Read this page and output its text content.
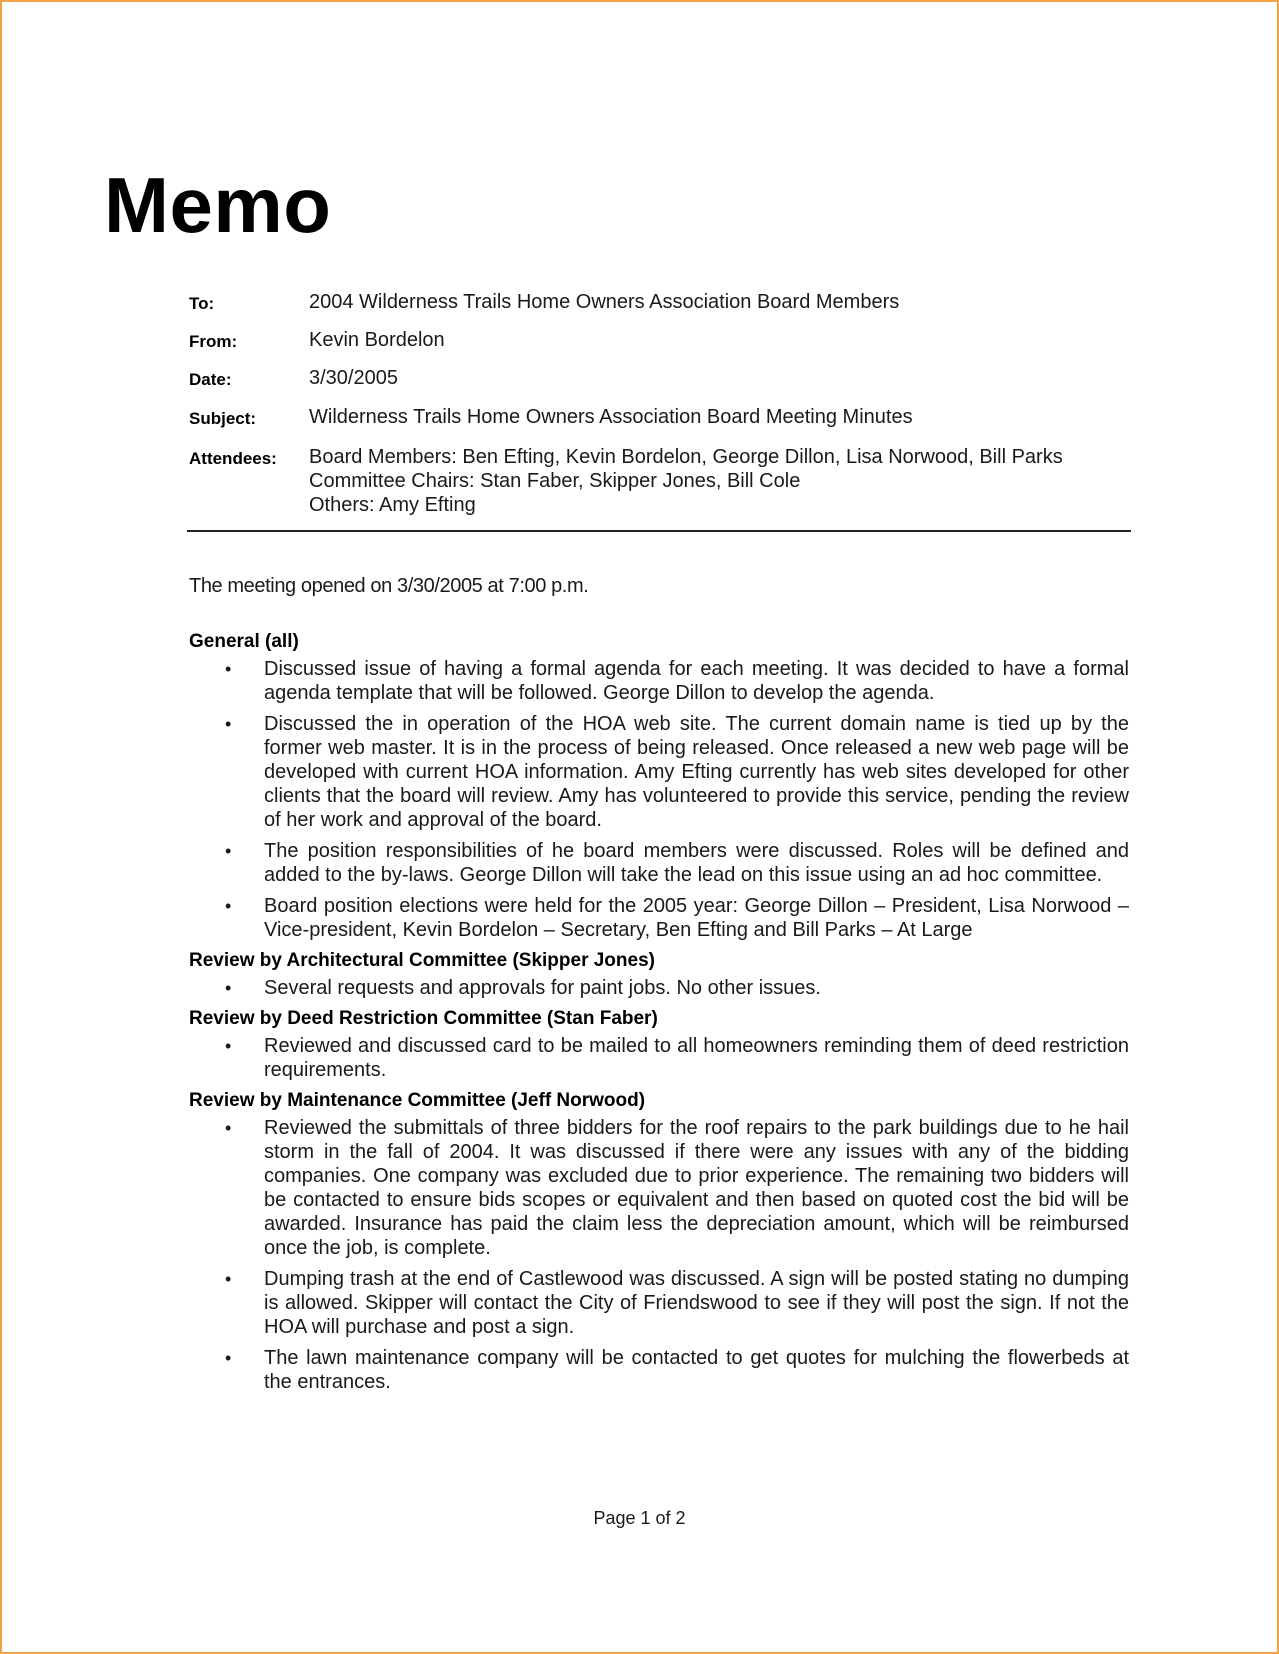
Memo
To:	2004 Wilderness Trails Home Owners Association Board Members
From:	Kevin Bordelon
Date:	3/30/2005
Subject:	Wilderness Trails Home Owners Association Board Meeting Minutes
Attendees: Board Members: Ben Efting, Kevin Bordelon, George Dillon, Lisa Norwood, Bill Parks
Committee Chairs: Stan Faber, Skipper Jones, Bill Cole
Others: Amy Efting
The meeting opened on 3/30/2005 at 7:00 p.m.
General (all)
• Discussed issue of having a formal agenda for each meeting. It was decided to have a formal agenda template that will be followed. George Dillon to develop the agenda.
• Discussed the in operation of the HOA web site. The current domain name is tied up by the former web master. It is in the process of being released. Once released a new web page will be developed with current HOA information. Amy Efting currently has web sites developed for other clients that the board will review. Amy has volunteered to provide this service, pending the review of her work and approval of the board.
• The position responsibilities of he board members were discussed. Roles will be defined and added to the by-laws. George Dillon will take the lead on this issue using an ad hoc committee.
• Board position elections were held for the 2005 year: George Dillon – President, Lisa Norwood – Vice-president, Kevin Bordelon – Secretary, Ben Efting and Bill Parks – At Large
Review by Architectural Committee (Skipper Jones)
• Several requests and approvals for paint jobs. No other issues.
Review by Deed Restriction Committee (Stan Faber)
• Reviewed and discussed card to be mailed to all homeowners reminding them of deed restriction requirements.
Review by Maintenance Committee (Jeff Norwood)
• Reviewed the submittals of three bidders for the roof repairs to the park buildings due to he hail storm in the fall of 2004. It was discussed if there were any issues with any of the bidding companies. One company was excluded due to prior experience. The remaining two bidders will be contacted to ensure bids scopes or equivalent and then based on quoted cost the bid will be awarded. Insurance has paid the claim less the depreciation amount, which will be reimbursed once the job, is complete.
• Dumping trash at the end of Castlewood was discussed. A sign will be posted stating no dumping is allowed. Skipper will contact the City of Friendswood to see if they will post the sign. If not the HOA will purchase and post a sign.
• The lawn maintenance company will be contacted to get quotes for mulching the flowerbeds at the entrances.
Page 1 of 2
